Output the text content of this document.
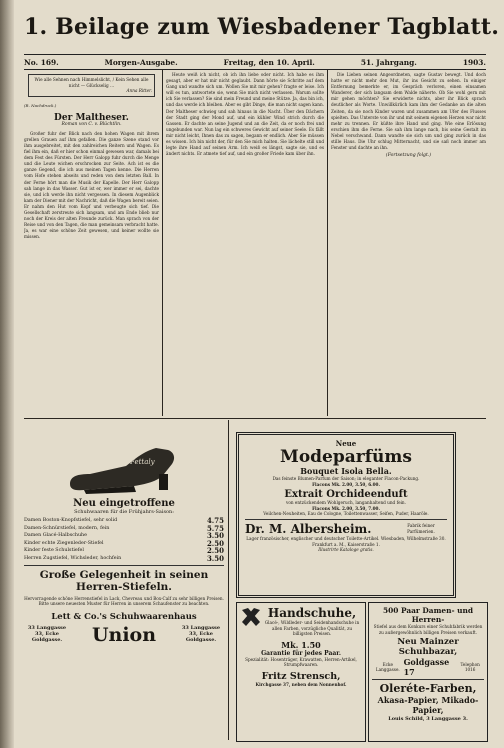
1. Beilage zum Wiesbadener Tagblatt.
No. 169.	Morgen-Ausgabe.	Freitag, den 10. April.	51. Jahrgang.	1903.
Wie alle Sehnen nach Himmelslicht, / Kein Sehen alle nicht — Glückselig …
Anna Ritter.
(R. Nachdruck.)
Der Maltheser.
Roman von C. v. Blüchtlin.

Großer fuhr der Blick nach den hohen Wagen mit ihrem grellen Grauen auf ihm gefallen. Die ganze Szene stand vor ihm ausgebreitet, mit den zahlreichen Reitern und Wagen. Es fiel ihm ein, daß er hier schon einmal gewesen war, damals bei dem Fest des Fürsten. Der Herr Galopp fuhr durch die Menge und die Leute wichen erschrocken zur Seite. Ach ist es die ganze Gegend, die ich aus meinen Tagen kenne. Die Herren vom Hofe stehen abseits und reden von dem letzten Ball. In der Ferne hört man die Musik der Kapelle. Der Herr Galopp sah lange in das Wasser. Gut ist er, wer immer er sei, dachte sie, und ich werde ihn nicht vergessen. In diesem Augenblick kam der Diener mit der Nachricht, daß die Wagen bereit seien. Er nahm den Hut vom Kopf und verbeugte sich tief. Die Gesellschaft zerstreute sich langsam, und am Ende blieb nur noch der Kreis der alten Freunde zurück. Man sprach von der Reise und von den Tagen, die man gemeinsam verbracht hatte. Ja, es war eine schöne Zeit gewesen, und keiner wollte sie missen.

Heute weiß ich nicht, ob ich ihn liebe oder nicht. Ich habe es ihm gesagt, aber er hat mir nicht geglaubt. Dann hörte sie Schritte auf dem Gang und wandte sich um. Wollen Sie mit mir gehen? fragte er leise. Ich will es tun, antwortete sie, wenn Sie mich nicht verlassen. Warum sollte ich Sie verlassen? Sie sind mein Freund und meine Stütze. Ja, das bin ich, und das werde ich bleiben. Aber es gibt Dinge, die man nicht sagen kann. Der Maltheser schwieg und sah hinaus in die Nacht. Über den Dächern der Stadt ging der Mond auf, und ein kühler Wind strich durch die Gassen. Er dachte an seine Jugend und an die Zeit, da er noch frei und ungebunden war. Nun lag ein schweres Gewicht auf seiner Seele. Es fällt mir nicht leicht, Ihnen das zu sagen, begann er endlich. Aber Sie müssen es wissen. Ich bin nicht der, für den Sie mich halten. Sie lächelte still und legte ihre Hand auf seinen Arm. Ich weiß es längst, sagte sie, und es ändert nichts. Er atmete tief auf, und ein großer Friede kam über ihn.

Die Lieben seinen Angeordneten, sagte Gustav bewegt. Und doch hatte er nicht mehr den Mut, ihr ins Gesicht zu sehen. In einiger Entfernung bemerkte er, im Gespräch verloren, einen einsamen Wanderer, der sich langsam dem Walde näherte. Ob Sie wohl gern mit mir gehen möchten? Sie erwiderte nichts, aber ihr Blick sprach deutlicher als Worte. Unwillkürlich kam ihm der Gedanke an die alten Zeiten, da sie noch Kinder waren und zusammen am Ufer des Flusses spielten. Das Unterste von ihr und mit seinem eigenen Herzen war nicht mehr zu trennen. Er küßte ihre Hand und ging. Wie eine Erlösung erschien ihm die Ferne. Sie sah ihm lange nach, bis seine Gestalt im Nebel verschwand. Dann wandte sie sich um und ging zurück in das stille Haus. Die Uhr schlug Mitternacht, und sie saß noch immer am Fenster und dachte an ihn.

(Fortsetzung folgt.)
Fettaly
Neu eingetroffene
Schuhwaaren für die Frühjahrs-Saison:
Damen Boston-Knopfstiefel, sehr solid	4.75
Damen-Schnürstiefel, modern, fein	5.75
Damen Glacé-Halbschuhe	3.50
Kinder echte Ziegenleder-Stiefel	2.50
Kinder feste Schulstiefel	2.50
Herren Zugstiefel, Wichsleder, hochfein	3.50
Große Gelegenheit in seinen Herren-Stiefeln.
Hervorragende schöne Herrenstiefel in Lack, Chevreau und Box-Calf zu sehr billigen Preisen. Bitte unsere neuesten Muster für Herren in unserem Schaufenster zu beachten.
Lett & Co.'s Schuhwaarenhaus
33 Langgasse 33, Ecke Goldgasse.	Union	33 Langgasse 33, Ecke Goldgasse.
Neue
Modeparfüms
Bouquet Isola Bella.
Das feinste Blumen-Parfum der Saison; in eleganter Flacon-Packung.
Flacons Mk. 2.00, 3.50, 6.00.
Extrait Orchideenduft
von entzückendem Wohlgeruch, langanhaltend und fein.
Flacons Mk. 2.00, 3.50, 7.00.
Veilchen-Neuheiten, Eau de Cologne, Toilettenwasser, Seifen, Puder, Haaröle.
Dr. M. Albersheim.	Fabrik feiner Parfümerien.
Lager französischer, englischer und deutscher Toilette-Artikel. Wiesbaden, Wilhelmstraße 30. Frankfurt a. M., Kaiserstraße 1.
Illustrirte Kataloge gratis.
Handschuhe,
Glacé-, Wildleder- und Seidenhandschuhe in allen Farben, vorzügliche Qualität, zu billigsten Preisen.
Mk. 1.50
Garantie für jedes Paar.
Spezialität: Hosenträger, Krawatten, Herren-Artikel, Strumpfwaaren.
Fritz Strensch,
Kirchgasse 37, neben dem Nonnenhof.
500 Paar Damen- und Herren-
Stiefel aus dem Konkurs einer Schuhfabrik werden zu außergewöhnlich billigen Preisen verkauft.
Neu Mainzer Schuhbazar,
Ecke Langgasse.
Goldgasse 17
Telephon 1016
Oleréte-Farben,
Akasa-Papier, Mikado-Papier,
Louis Schild, 3 Langgasse 3.
